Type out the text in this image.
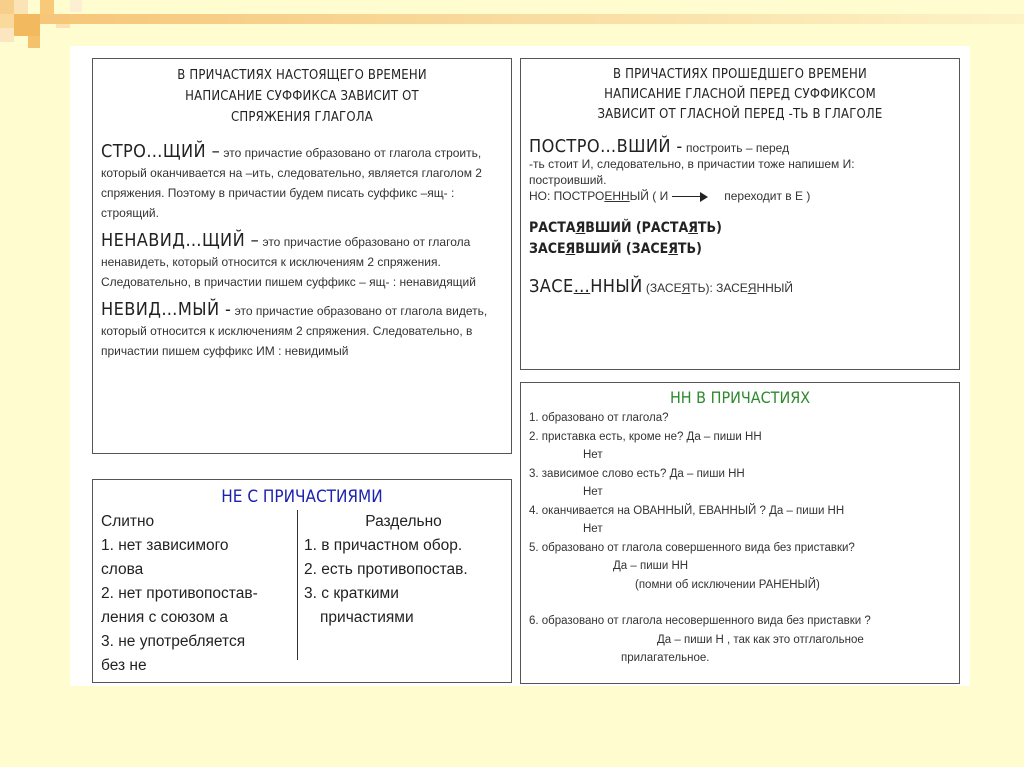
В ПРИЧАСТИЯХ НАСТОЯЩЕГО ВРЕМЕНИ
НАПИСАНИЕ СУФФИКСА ЗАВИСИТ ОТ
СПРЯЖЕНИЯ ГЛАГОЛА
СТРО…ЩИЙ – это причастие образовано от глагола строить, который оканчивается на –ить, следовательно, является глаголом 2 спряжения. Поэтому в причастии будем писать суффикс –ящ- : строящий.
НЕНАВИД…ЩИЙ – это причастие образовано от глагола ненавидеть, который относится к исключениям 2 спряжения. Следовательно, в причастии пишем суффикс – ящ- : ненавидящий
НЕВИД…МЫЙ - это причастие образовано от глагола видеть, который относится к исключениям 2 спряжения. Следовательно, в причастии пишем суффикс ИМ : невидимый
В ПРИЧАСТИЯХ ПРОШЕДШЕГО ВРЕМЕНИ
НАПИСАНИЕ ГЛАСНОЙ ПЕРЕД СУФФИКСОМ
ЗАВИСИТ ОТ ГЛАСНОЙ ПЕРЕД -ТЬ В ГЛАГОЛЕ
ПОСТРО…ВШИЙ - построить – перед
-ть стоит И, следовательно, в причастии тоже напишем И:
построивший.
НО: ПОСТРОЕННЫЙ ( И	переходит в Е )
РАСТАЯВШИЙ (РАСТАЯТЬ)
ЗАСЕЯВШИЙ (ЗАСЕЯТЬ)
ЗАСЕ…ННЫЙ (ЗАСЕЯТЬ): ЗАСЕЯННЫЙ
НЕ С ПРИЧАСТИЯМИ
Слитно
1. нет зависимого
слова
2. нет противопостав-
ления с союзом а
3. не употребляется
без не
Раздельно
1. в причастном обор.
2. есть противопостав.
3. с краткими
причастиями
НН В ПРИЧАСТИЯХ
1. образовано от глагола?
2. приставка есть, кроме не? Да – пиши НН
Нет
3. зависимое слово есть? Да – пиши НН
Нет
4. оканчивается на ОВАННЫЙ, ЕВАННЫЙ ? Да – пиши НН
Нет
5. образовано от глагола совершенного вида без приставки?
Да – пиши НН
(помни об исключении РАНЕНЫЙ)
6. образовано от глагола несовершенного вида без приставки ?
Да – пиши Н , так как это отглагольное
прилагательное.
